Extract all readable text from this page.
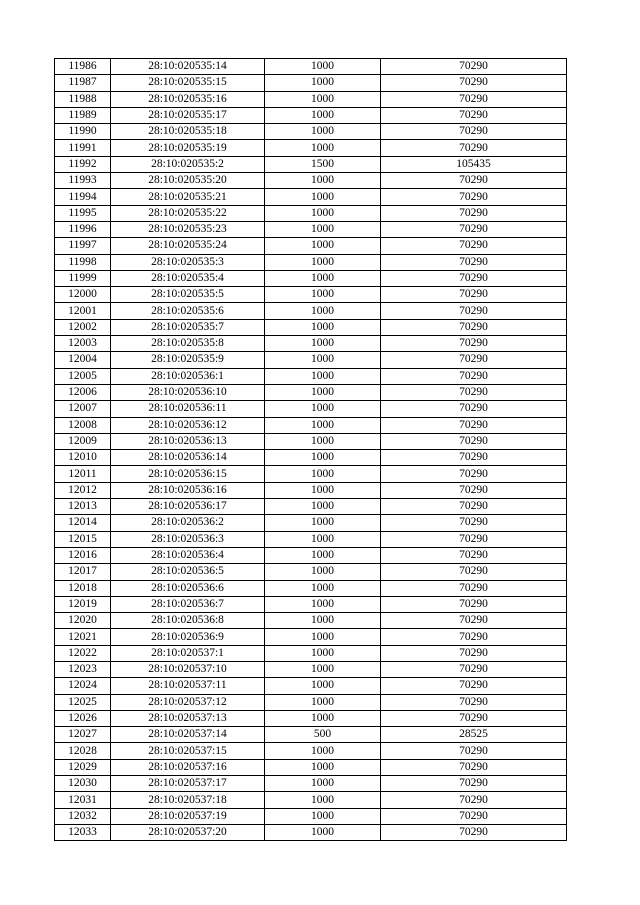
11986	28:10:020535:14	1000	70290
11987	28:10:020535:15	1000	70290
11988	28:10:020535:16	1000	70290
11989	28:10:020535:17	1000	70290
11990	28:10:020535:18	1000	70290
11991	28:10:020535:19	1000	70290
11992	28:10:020535:2	1500	105435
11993	28:10:020535:20	1000	70290
11994	28:10:020535:21	1000	70290
11995	28:10:020535:22	1000	70290
11996	28:10:020535:23	1000	70290
11997	28:10:020535:24	1000	70290
11998	28:10:020535:3	1000	70290
11999	28:10:020535:4	1000	70290
12000	28:10:020535:5	1000	70290
12001	28:10:020535:6	1000	70290
12002	28:10:020535:7	1000	70290
12003	28:10:020535:8	1000	70290
12004	28:10:020535:9	1000	70290
12005	28:10:020536:1	1000	70290
12006	28:10:020536:10	1000	70290
12007	28:10:020536:11	1000	70290
12008	28:10:020536:12	1000	70290
12009	28:10:020536:13	1000	70290
12010	28:10:020536:14	1000	70290
12011	28:10:020536:15	1000	70290
12012	28:10:020536:16	1000	70290
12013	28:10:020536:17	1000	70290
12014	28:10:020536:2	1000	70290
12015	28:10:020536:3	1000	70290
12016	28:10:020536:4	1000	70290
12017	28:10:020536:5	1000	70290
12018	28:10:020536:6	1000	70290
12019	28:10:020536:7	1000	70290
12020	28:10:020536:8	1000	70290
12021	28:10:020536:9	1000	70290
12022	28:10:020537:1	1000	70290
12023	28:10:020537:10	1000	70290
12024	28:10:020537:11	1000	70290
12025	28:10:020537:12	1000	70290
12026	28:10:020537:13	1000	70290
12027	28:10:020537:14	500	28525
12028	28:10:020537:15	1000	70290
12029	28:10:020537:16	1000	70290
12030	28:10:020537:17	1000	70290
12031	28:10:020537:18	1000	70290
12032	28:10:020537:19	1000	70290
12033	28:10:020537:20	1000	70290
